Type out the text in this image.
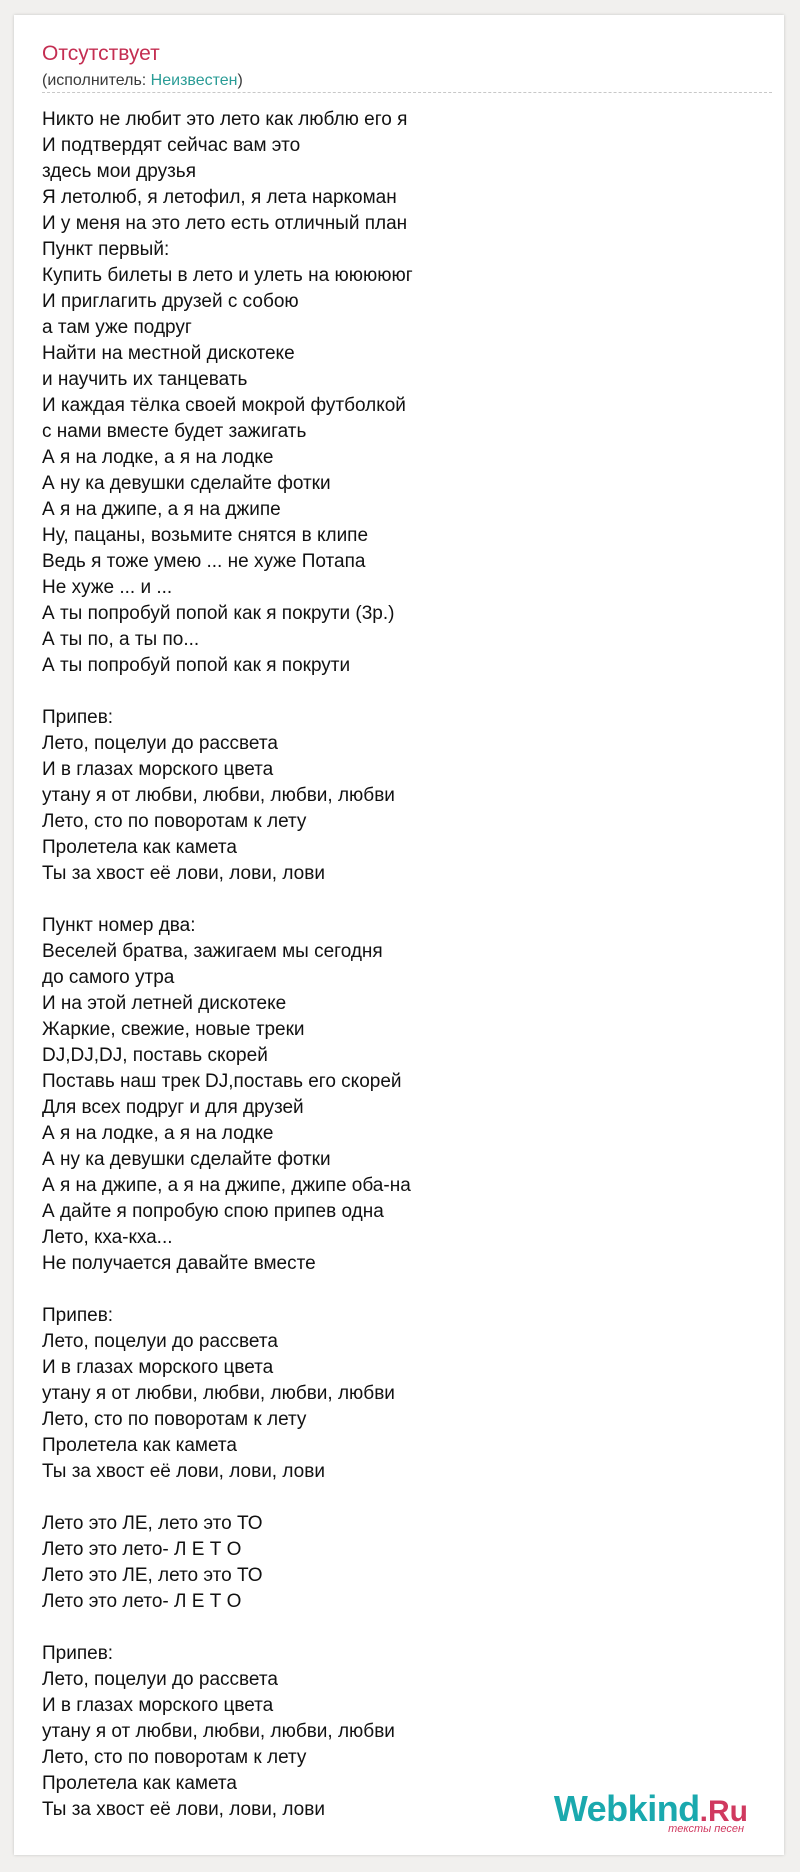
Отсутствует
(исполнитель: Неизвестен)
Никто не любит это лето как люблю его я
И подтвердят сейчас вам это
здесь мои друзья
Я летолюб, я летофил, я лета наркоман
И у меня на это лето есть отличный план
Пункт первый:
Купить билеты в лето и улеть на юююююг
И приглагить друзей с собою
а там уже подруг
Найти на местной дискотеке
и научить их танцевать
И каждая тёлка своей мокрой футболкой
с нами вместе будет зажигать
А я на лодке, а я на лодке
А ну ка девушки сделайте фотки
А я на джипе, а я на джипе
Ну, пацаны, возьмите снятся в клипе
Ведь я тоже умею ... не хуже Потапа
Не хуже ... и ...
А ты попробуй попой как я покрути (3р.)
А ты по, а ты по...
А ты попробуй попой как я покрути
Припев:
Лето, поцелуи до рассвета
И в глазах морского цвета
утану я от любви, любви, любви, любви
Лето, сто по поворотам к лету
Пролетела как камета
Ты за хвост её лови, лови, лови
Пункт номер два:
Веселей братва, зажигаем мы сегодня
до самого утра
И на этой летней дискотеке
Жаркие, свежие, новые треки
DJ,DJ,DJ, поставь скорей
Поставь наш трек DJ,поставь его скорей
Для всех подруг и для друзей
А я на лодке, а я на лодке
А ну ка девушки сделайте фотки
А я на джипе, а я на джипе, джипе оба-на
А дайте я попробую спою припев одна
Лето, кха-кха...
Не получается давайте вместе
Припев:
Лето, поцелуи до рассвета
И в глазах морского цвета
утану я от любви, любви, любви, любви
Лето, сто по поворотам к лету
Пролетела как камета
Ты за хвост её лови, лови, лови
Лето это ЛЕ, лето это ТО
Лето это лето- Л Е Т О
Лето это ЛЕ, лето это ТО
Лето это лето- Л Е Т О
Припев:
Лето, поцелуи до рассвета
И в глазах морского цвета
утану я от любви, любви, любви, любви
Лето, сто по поворотам к лету
Пролетела как камета
Ты за хвост её лови, лови, лови	Webkind.Ru
тексты песен
